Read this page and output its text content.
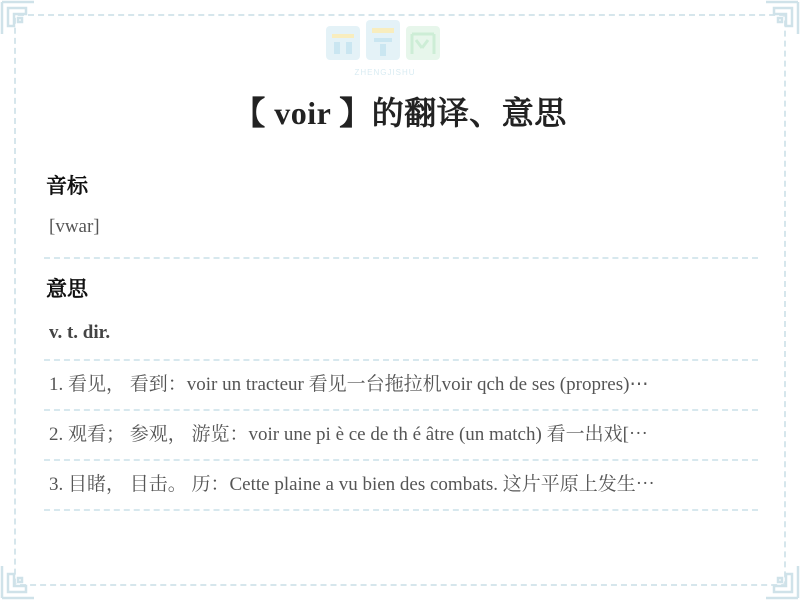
ZHENGJISHU
【 voir 】的翻译、意思
音标
[vwar]
意思
v. t. dir.
1. 看见， 看到：voir un tracteur 看见一台拖拉机voir qch de ses (propres)⋯
2. 观看； 参观， 游览：voir une pi è ce de th é âtre (un match) 看一出戏[⋯
3. 目睹， 目击。 历：Cette plaine a vu bien des combats. 这片平原上发生⋯
